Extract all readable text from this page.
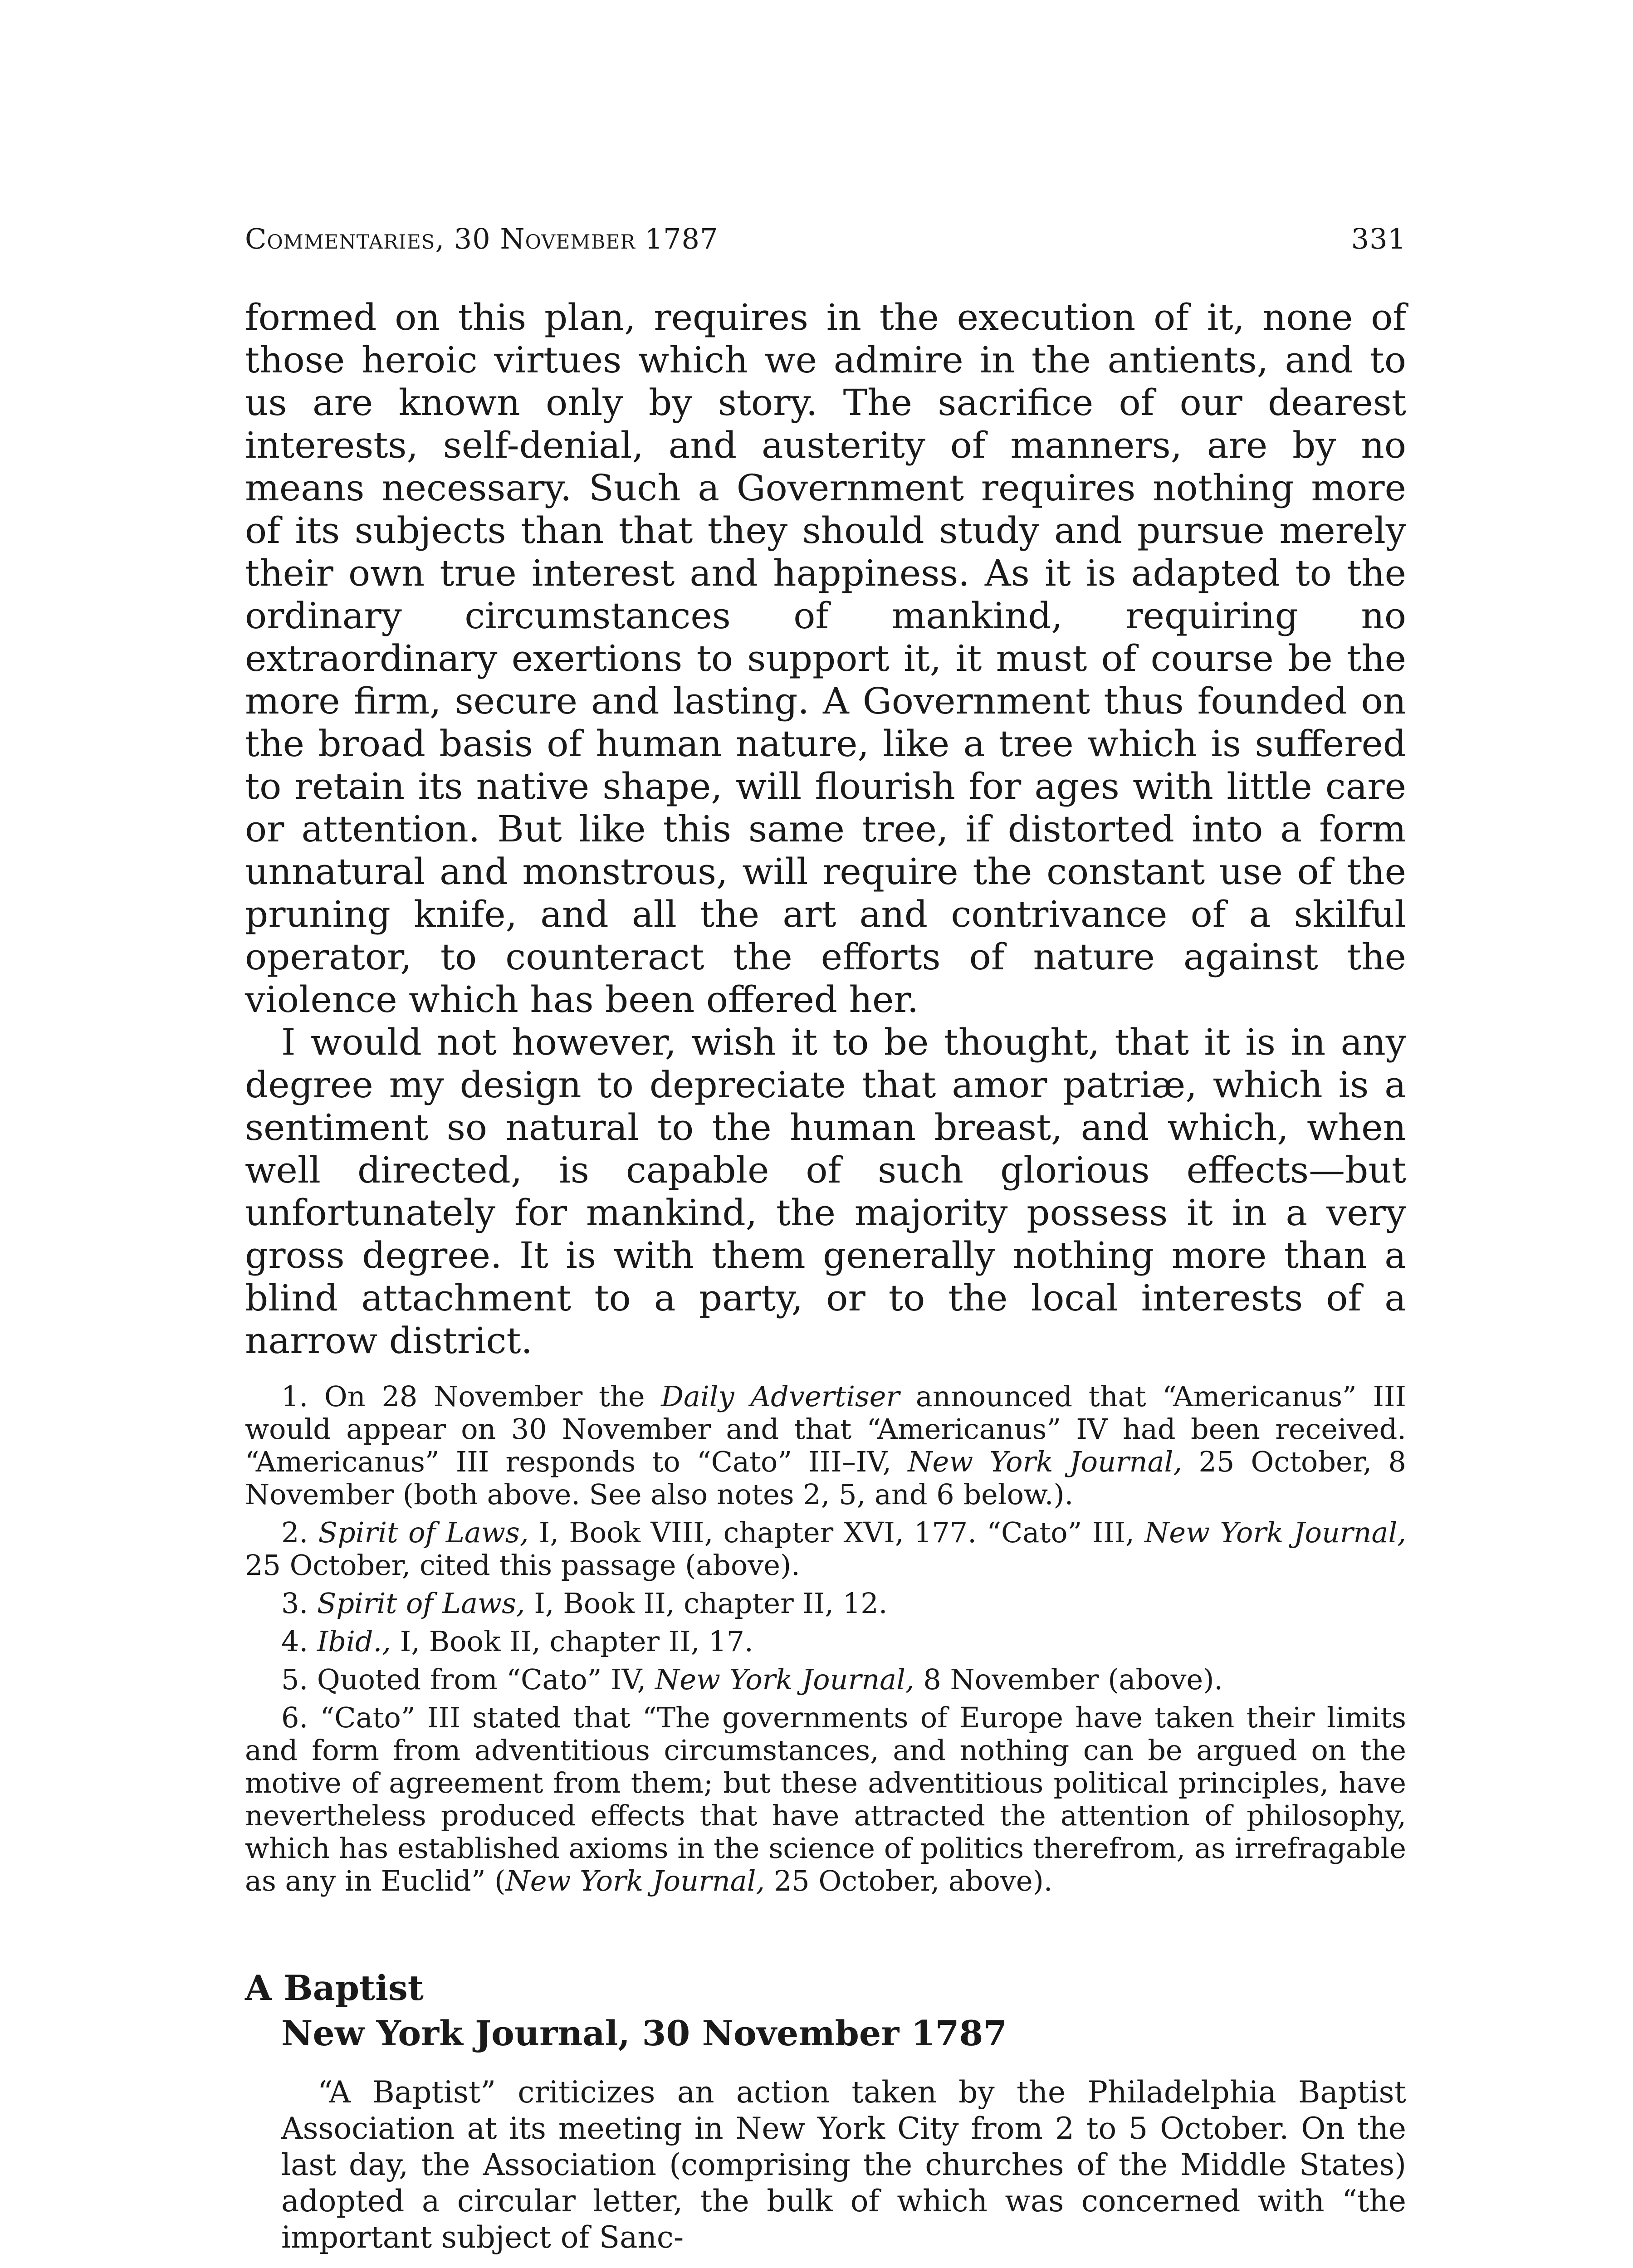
Commentaries, 30 November 1787	331

formed on this plan, requires in the execution of it, none of those heroic virtues which we admire in the antients, and to us are known only by story. The sacrifice of our dearest interests, self-denial, and austerity of manners, are by no means necessary. Such a Government requires nothing more of its subjects than that they should study and pursue merely their own true interest and happiness. As it is adapted to the ordinary circumstances of mankind, requiring no extraordinary exertions to support it, it must of course be the more firm, secure and lasting. A Government thus founded on the broad basis of human nature, like a tree which is suffered to retain its native shape, will flourish for ages with little care or attention. But like this same tree, if distorted into a form unnatural and monstrous, will require the constant use of the pruning knife, and all the art and contrivance of a skilful operator, to counteract the efforts of nature against the violence which has been offered her.

I would not however, wish it to be thought, that it is in any degree my design to depreciate that amor patriæ, which is a sentiment so natural to the human breast, and which, when well directed, is capable of such glorious effects—but unfortunately for mankind, the majority possess it in a very gross degree. It is with them generally nothing more than a blind attachment to a party, or to the local interests of a narrow district.

1. On 28 November the Daily Advertiser announced that “Americanus” III would appear on 30 November and that “Americanus” IV had been received. “Americanus” III responds to “Cato” III–IV, New York Journal, 25 October, 8 November (both above. See also notes 2, 5, and 6 below.).

2. Spirit of Laws, I, Book VIII, chapter XVI, 177. “Cato” III, New York Journal, 25 October, cited this passage (above).

3. Spirit of Laws, I, Book II, chapter II, 12.

4. Ibid., I, Book II, chapter II, 17.

5. Quoted from “Cato” IV, New York Journal, 8 November (above).

6. “Cato” III stated that “The governments of Europe have taken their limits and form from adventitious circumstances, and nothing can be argued on the motive of agreement from them; but these adventitious political principles, have nevertheless produced effects that have attracted the attention of philosophy, which has established axioms in the science of politics therefrom, as irrefragable as any in Euclid” (New York Journal, 25 October, above).

A Baptist
New York Journal, 30 November 1787

“A Baptist” criticizes an action taken by the Philadelphia Baptist Association at its meeting in New York City from 2 to 5 October. On the last day, the Association (comprising the churches of the Middle States) adopted a circular letter, the bulk of which was concerned with “the important subject of Sanc-
